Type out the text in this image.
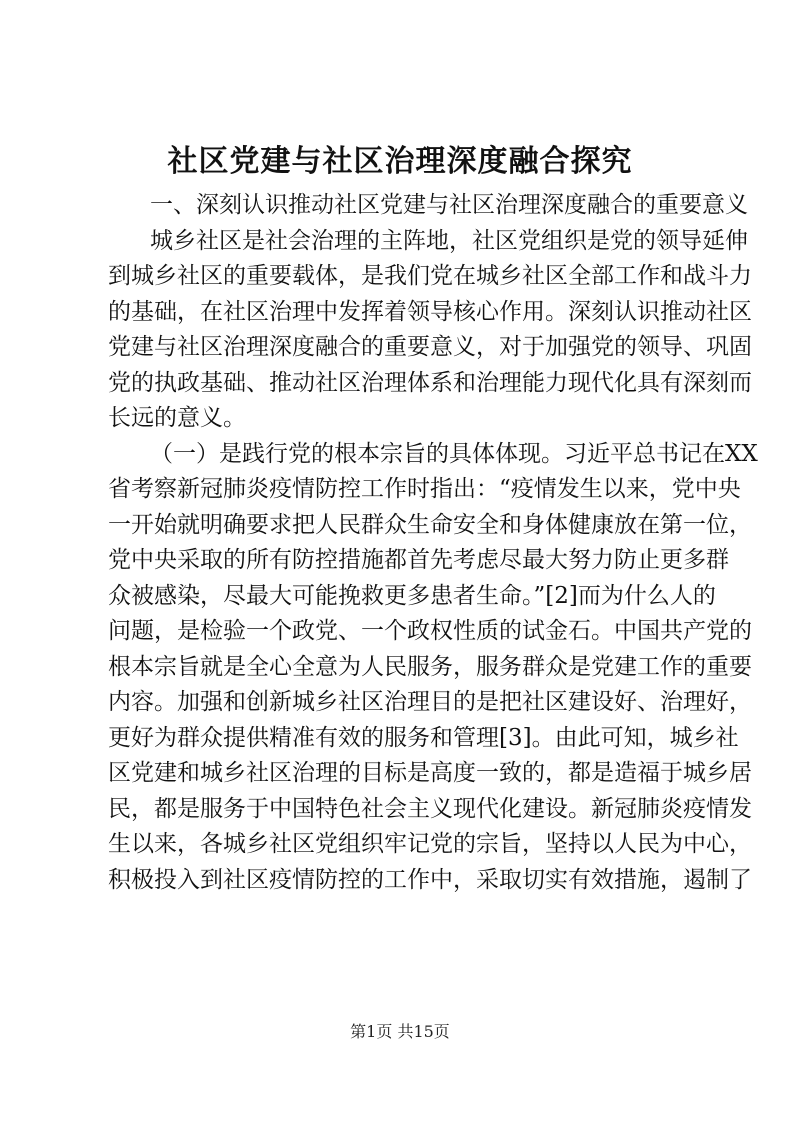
社区党建与社区治理深度融合探究
一、深刻认识推动社区党建与社区治理深度融合的重要意义
城乡社区是社会治理的主阵地，社区党组织是党的领导延伸
到城乡社区的重要载体，是我们党在城乡社区全部工作和战斗力
的基础，在社区治理中发挥着领导核心作用。深刻认识推动社区
党建与社区治理深度融合的重要意义，对于加强党的领导、巩固
党的执政基础、推动社区治理体系和治理能力现代化具有深刻而
长远的意义。
（一）是践行党的根本宗旨的具体体现。习近平总书记在XX
省考察新冠肺炎疫情防控工作时指出：“疫情发生以来，党中央
一开始就明确要求把人民群众生命安全和身体健康放在第一位，
党中央采取的所有防控措施都首先考虑尽最大努力防止更多群
众被感染，尽最大可能挽救更多患者生命。”[2]而为什么人的
问题，是检验一个政党、一个政权性质的试金石。中国共产党的
根本宗旨就是全心全意为人民服务，服务群众是党建工作的重要
内容。加强和创新城乡社区治理目的是把社区建设好、治理好，
更好为群众提供精准有效的服务和管理[3]。由此可知，城乡社
区党建和城乡社区治理的目标是高度一致的，都是造福于城乡居
民，都是服务于中国特色社会主义现代化建设。新冠肺炎疫情发
生以来，各城乡社区党组织牢记党的宗旨，坚持以人民为中心，
积极投入到社区疫情防控的工作中，采取切实有效措施，遏制了
第1页 共15页
